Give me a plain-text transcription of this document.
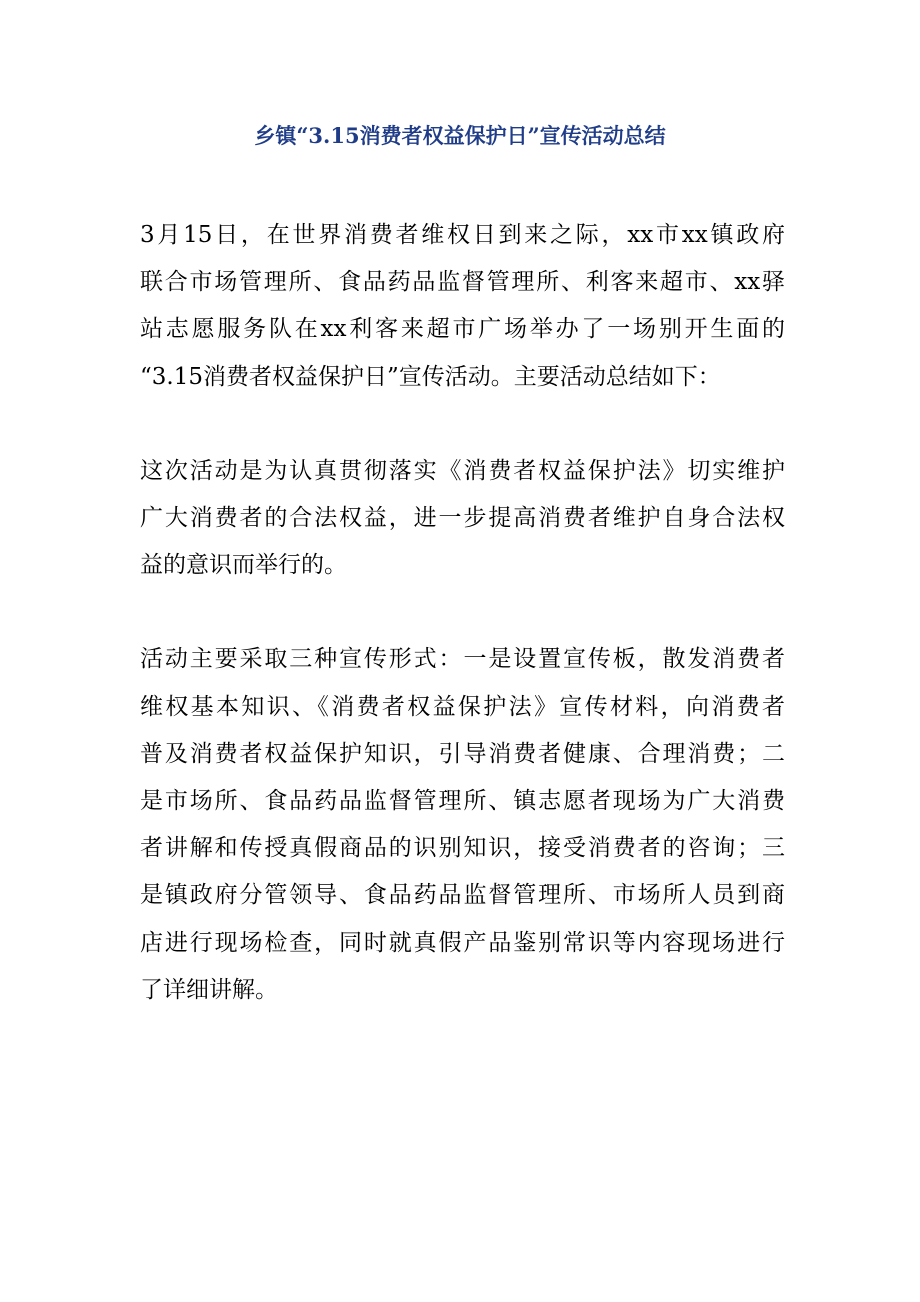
乡镇“3.15消费者权益保护日”宣传活动总结

3月15日，在世界消费者维权日到来之际，xx市xx镇政府
联合市场管理所、食品药品监督管理所、利客来超市、xx驿
站志愿服务队在xx利客来超市广场举办了一场别开生面的
“3.15消费者权益保护日”宣传活动。主要活动总结如下：

这次活动是为认真贯彻落实《消费者权益保护法》切实维护
广大消费者的合法权益，进一步提高消费者维护自身合法权
益的意识而举行的。

活动主要采取三种宣传形式：一是设置宣传板，散发消费者
维权基本知识、《消费者权益保护法》宣传材料，向消费者
普及消费者权益保护知识，引导消费者健康、合理消费；二
是市场所、食品药品监督管理所、镇志愿者现场为广大消费
者讲解和传授真假商品的识别知识，接受消费者的咨询；三
是镇政府分管领导、食品药品监督管理所、市场所人员到商
店进行现场检查，同时就真假产品鉴别常识等内容现场进行
了详细讲解。
